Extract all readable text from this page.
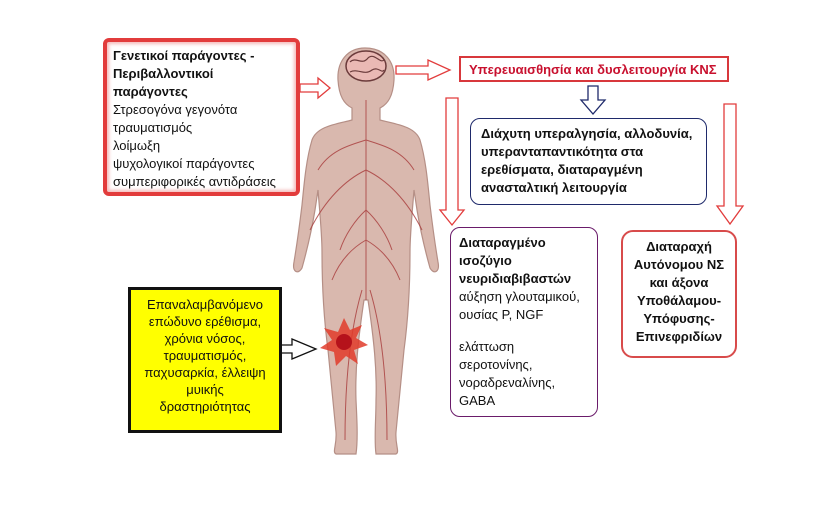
Γενετικοί παράγοντες -
Περιβαλλοντικοί
παράγοντες
Στρεσογόνα γεγονότα
τραυματισμός
λοίμωξη
ψυχολογικοί παράγοντες
συμπεριφορικές αντιδράσεις
Υπερευαισθησία και δυσλειτουργία ΚΝΣ
Διάχυτη υπεραλγησία, αλλοδυνία,
υπερανταπαντικότητα στα
ερεθίσματα, διαταραγμένη
ανασταλτική λειτουργία
Διαταραγμένο
ισοζύγιο
νευριδιαβιβαστών
αύξηση γλουταμικού,
ουσίας Ρ, NGF
ελάττωση
σεροτονίνης,
νοραδρεναλίνης,
GABA
Διαταραχή
Αυτόνομου ΝΣ
και άξονα
Υποθάλαμου-
Υπόφυσης-
Επινεφριδίων
Επαναλαμβανόμενο
επώδυνο ερέθισμα,
χρόνια νόσος,
τραυματισμός,
παχυσαρκία, έλλειψη
μυικής
δραστηριότητας
